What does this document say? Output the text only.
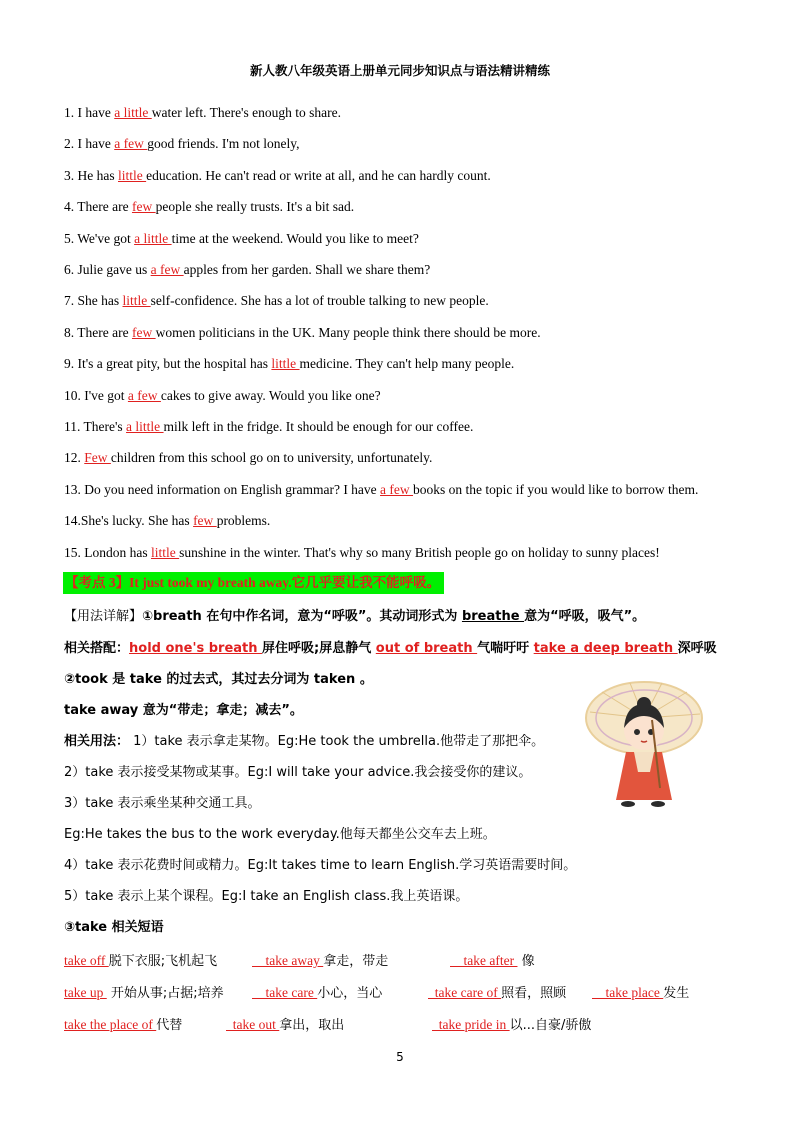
新人教八年级英语上册单元同步知识点与语法精讲精练
1. I have a little water left. There's enough to share.
2. I have a few good friends. I'm not lonely,
3. He has little education. He can't read or write at all, and he can hardly count.
4. There are few people she really trusts. It's a bit sad.
5. We've got a little time at the weekend. Would you like to meet?
6. Julie gave us a few apples from her garden. Shall we share them?
7. She has little self-confidence. She has a lot of trouble talking to new people.
8. There are few women politicians in the UK. Many people think there should be more.
9. It's a great pity, but the hospital has little medicine. They can't help many people.
10. I've got a few cakes to give away. Would you like one?
11. There's a little milk left in the fridge. It should be enough for our coffee.
12. Few children from this school go on to university, unfortunately.
13. Do you need information on English grammar? I have a few books on the topic if you would like to borrow them.
14.She's lucky. She has few problems.
15. London has little sunshine in the winter. That's why so many British people go on holiday to sunny places!
【考点 3】It just took my breath away.它几乎要让我不能呼吸。
【用法详解】①breath 在句中作名词，意为“呼吸”。其动词形式为 breathe 意为“呼吸，吸气”。
相关搭配：hold one's breath 屏住呼吸;屏息静气 out of breath 气喘吁吁 take a deep breath 深呼吸
②took 是 take 的过去式，其过去分词为 taken 。
take away 意为“带走；拿走；减去”。
相关用法： 1）take 表示拿走某物。Eg:He took the umbrella.他带走了那把伞。
2）take 表示接受某物或某事。Eg:I will take your advice.我会接受你的建议。
3）take 表示乘坐某种交通工具。
Eg:He takes the bus to the work everyday.他每天都坐公交车去上班。
4）take 表示花费时间或精力。Eg:It takes time to learn English.学习英语需要时间。
5）take 表示上某个课程。Eg:I take an English class.我上英语课。
③take 相关短语
take off 脱下衣服;飞机起飞	take away 拿走，带走	take after  像
take up  开始从事;占据;培养 take care 小心，当心	take care of 照看，照顾 take place 发生
take the place of 代替	take out 拿出，取出	take pride in 以...自豪/骄傲
5
